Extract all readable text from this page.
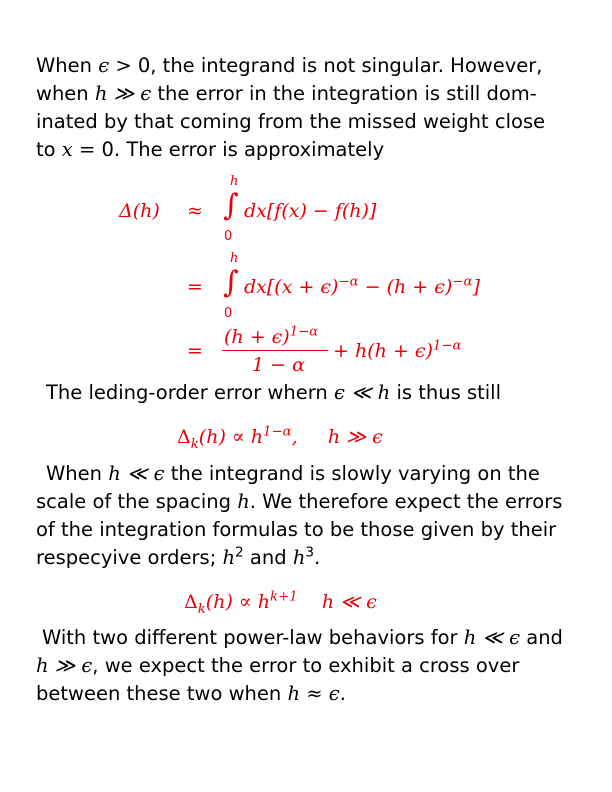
When ϵ > 0, the integrand is not singular. However,
when h ≫ ϵ the error in the integration is still dom-
inated by that coming from the missed weight close
to x = 0. The error is approximately
Δ(h) ≈
h
∫
0
dx[f(x) − f(h)]
=
h
∫
0
$dx[(x + \epsilon)^{-\alpha} - (h + \epsilon)^{-\alpha}]$
=
$(h + \epsilon)^{1-\alpha}$
1 − α
+ $h(h + \epsilon)^{1-\alpha}$
The leding-order error whern ϵ ≪ h is thus still
$\Delta_k(h) \propto h^{1-\alpha}$,     h ≫ ϵ
When h ≪ ϵ the integrand is slowly varying on the
scale of the spacing h. We therefore expect the errors
of the integration formulas to be those given by their
respecyive orders; $h^2$ and $h^3$.
$\Delta_k(h) \propto h^{k+1}$    h ≪ ϵ
With two different power-law behaviors for h ≪ ϵ and
h ≫ ϵ, we expect the error to exhibit a cross over
between these two when h ≈ ϵ.
